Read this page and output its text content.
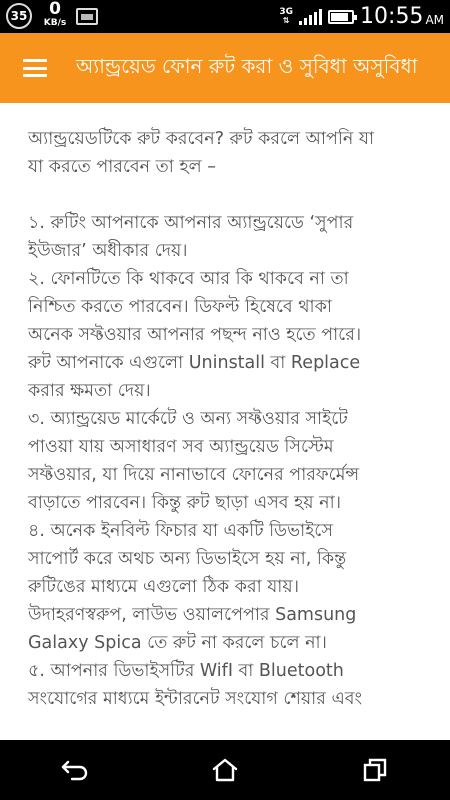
35	0
KB/s
3G
⇅	10:55 AM
অ্যান্ড্রয়েড ফোন রুট করা ও সুবিধা অসুবিধা
অ্যান্ড্রয়েডটিকে রুট করবেন? রুট করলে আপনি যা
যা করতে পারবেন তা হল –
১. রুটিং আপনাকে আপনার অ্যান্ড্রয়েডে ‘সুপার
ইউজার’ অধীকার দেয়।
২. ফোনটিতে কি থাকবে আর কি থাকবে না তা
নিশ্চিত করতে পারবেন। ডিফল্ট হিষেবে থাকা
অনেক সফ্টওয়ার আপনার পছন্দ নাও হতে পারে।
রুট আপনাকে এগুলো Uninstall বা Replace
করার ক্ষমতা দেয়।
৩. অ্যান্ড্রয়েড মার্কেটে ও অন্য সফ্টওয়ার সাইটে
পাওয়া যায় অসাধারণ সব অ্যান্ড্রয়েড সিস্টেম
সফ্টওয়ার, যা দিয়ে নানাভাবে ফোনের পারফর্মেন্স
বাড়াতে পারবেন। কিন্তু রুট ছাড়া এসব হয় না।
৪. অনেক ইনবিল্ট ফিচার যা একটি ডিভাইসে
সাপোর্ট করে অথচ অন্য ডিভাইসে হয় না, কিন্তু
রুটিঙের মাধ্যমে এগুলো ঠিক করা যায়।
উদাহরণস্বরুপ, লাউভ ওয়ালপেপার Samsung
Galaxy Spica তে রুট না করলে চলে না।
৫. আপনার ডিভাইসটির WifI বা Bluetooth
সংযোগের মাধ্যমে ইন্টারনেট সংযোগ শেয়ার এবং
